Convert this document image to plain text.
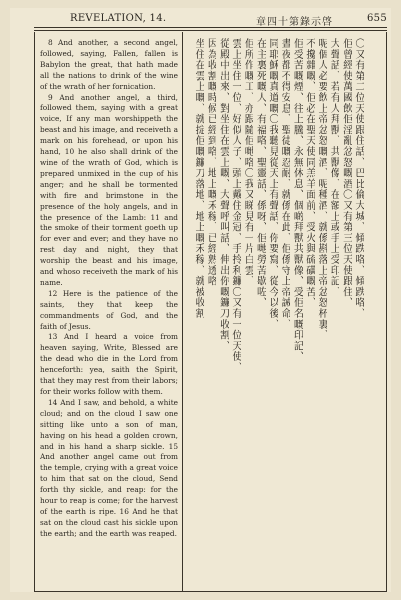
REVELATION, 14.	章四十第錄示啓	655

8 And another, a second angel, followed, saying, Fallen, fallen is Babylon the great, that hath made all the nations to drink of the wine of the wrath of her fornication.

9 And another angel, a third, followed them, saying with a great voice, If any man worshippeth the beast and his image, and receiveth a mark on his forehead, or upon his hand, 10 he also shall drink of the wine of the wrath of God, which is prepared unmixed in the cup of his anger; and he shall be tormented with fire and brimstone in the presence of the holy angels, and in the presence of the Lamb: 11 and the smoke of their torment goeth up for ever and ever; and they have no rest day and night, they that worship the beast and his image, and whoso receiveth the mark of his name.

12 Here is the patience of the saints, they that keep the commandments of God, and the faith of Jesus.

13 And I heard a voice from heaven saying, Write, Blessed are the dead who die in the Lord from henceforth: yea, saith the Spirit, that they may rest from their labors; for their works follow with them.

14 And I saw, and behold, a white cloud; and on the cloud I saw one sitting like unto a son of man, having on his head a golden crown, and in his hand a sharp sickle. 15 And another angel came out from the temple, crying with a great voice to him that sat on the cloud, Send forth thy sickle, and reap: for the hour to reap is come; for the harvest of the earth is ripe. 16 And he that sat on the cloud cast his sickle upon the earth; and the earth was reaped.

〇又有第二位天使跟住話、巴比倫大城、傾跌咯、傾跌咯、
佢曾經使萬國飲佢淫亂忿怒嘅酒〇又有第三位天使跟住、
大聲話、若有人拜獸、共獸像、在額上或手上受印記、
呢個人必要飲上帝忿怒嘅酒、呢種酒、就係斟落上帝忿怒杯裏、
不攙雜嘅、佢必在聖天使同羔羊面前、受火與硫磺嘅苦、
佢受苦嘅煙、往上騰、永無休息、個啲拜獸共獸像、受佢名嘅印記、
晝夜都不得安息、聖徒嘅忍耐、就係在此、佢係守上帝誡命、
同耶穌嘅真道嘅〇我聽見從天上有聲話、你要寫、從今以後、
在主裏死嘅人、有福咯、聖靈話、係呀、佢哋勞苦歇咗、
佢所作嘅工、亦跟隨佢哋咯〇我又睇見有一片白雲、
雲上坐住一位、好似人子、頭上戴住金冠、手拎利鐮〇又有一位天使、
從殿中出來、對坐住在雲上嘅、大聲呼叫話、伸出你嘅鐮刀收割、
因為收割嘅時候已經到咯、地上嘅禾稼、已經熟透咯
坐住在雲上嘅、就掟佢嘅鐮刀落地、地上嘅禾稼、就被收割
